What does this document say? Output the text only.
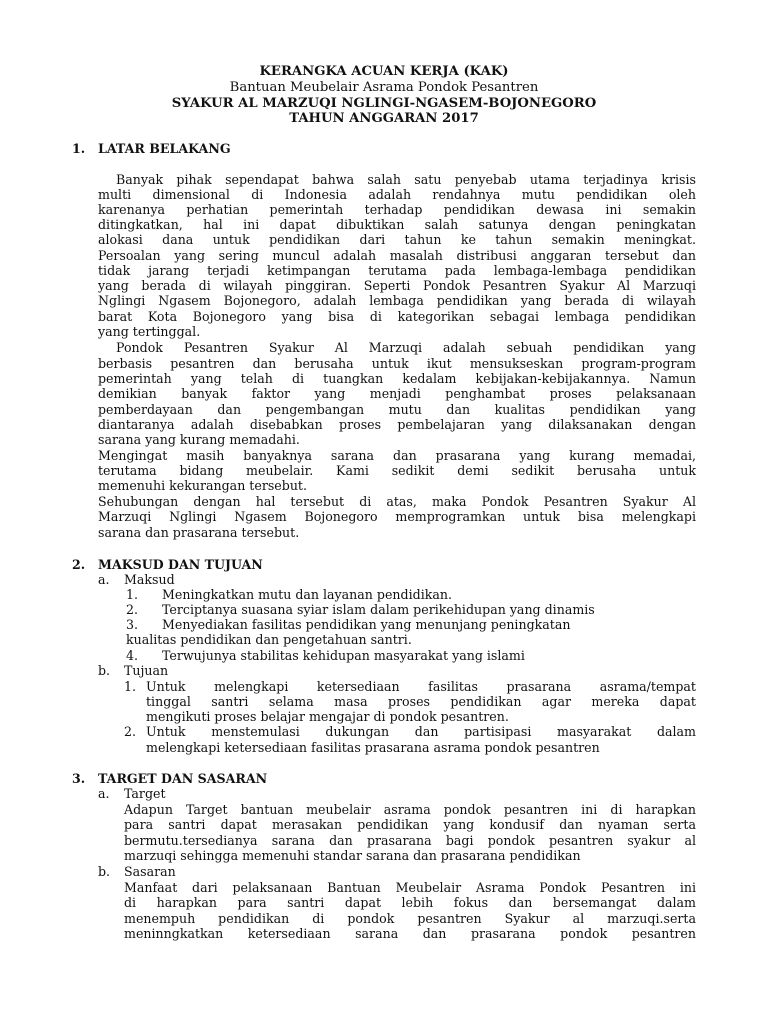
KERANGKA ACUAN KERJA (KAK)
Bantuan Meubelair Asrama Pondok Pesantren
SYAKUR AL MARZUQI NGLINGI-NGASEM-BOJONEGORO
TAHUN ANGGARAN 2017
1. LATAR BELAKANG
Banyak pihak sependapat bahwa salah satu penyebab utama terjadinya krisis
multi dimensional di Indonesia adalah rendahnya mutu pendidikan oleh
karenanya perhatian pemerintah terhadap pendidikan dewasa ini semakin
ditingkatkan, hal ini dapat dibuktikan salah satunya dengan peningkatan
alokasi dana untuk pendidikan dari tahun ke tahun semakin meningkat.
Persoalan yang sering muncul adalah masalah distribusi anggaran tersebut dan
tidak jarang terjadi ketimpangan terutama pada lembaga-lembaga pendidikan
yang berada di wilayah pinggiran. Seperti Pondok Pesantren Syakur Al Marzuqi
Nglingi Ngasem Bojonegoro, adalah lembaga pendidikan yang berada di wilayah
barat Kota Bojonegoro yang bisa di kategorikan sebagai lembaga pendidikan
yang tertinggal.
Pondok Pesantren Syakur Al Marzuqi adalah sebuah pendidikan yang
berbasis pesantren dan berusaha untuk ikut mensukseskan program-program
pemerintah yang telah di tuangkan kedalam kebijakan-kebijakannya. Namun
demikian banyak faktor yang menjadi penghambat proses pelaksanaan
pemberdayaan dan pengembangan mutu dan kualitas pendidikan yang
diantaranya adalah disebabkan proses pembelajaran yang dilaksanakan dengan
sarana yang kurang memadahi.
Mengingat masih banyaknya sarana dan prasarana yang kurang memadai,
terutama bidang meubelair. Kami sedikit demi sedikit berusaha untuk
memenuhi kekurangan tersebut.
Sehubungan dengan hal tersebut di atas, maka Pondok Pesantren Syakur Al
Marzuqi Nglingi Ngasem Bojonegoro memprogramkan untuk bisa melengkapi
sarana dan prasarana tersebut.
2. MAKSUD DAN TUJUAN
a. Maksud
1. Meningkatkan mutu dan layanan pendidikan.
2. Terciptanya suasana syiar islam dalam perikehidupan yang dinamis
3. Menyediakan fasilitas pendidikan yang menunjang peningkatan
kualitas pendidikan dan pengetahuan santri.
4. Terwujunya stabilitas kehidupan masyarakat yang islami
b. Tujuan
1. Untuk melengkapi ketersediaan fasilitas prasarana asrama/tempat
tinggal santri selama masa proses pendidikan agar mereka dapat
mengikuti proses belajar mengajar di pondok pesantren.
2. Untuk menstemulasi dukungan dan partisipasi masyarakat dalam
melengkapi ketersediaan fasilitas prasarana asrama pondok pesantren
3. TARGET DAN SASARAN
a. Target
Adapun Target bantuan meubelair asrama pondok pesantren ini di harapkan
para santri dapat merasakan pendidikan yang kondusif dan nyaman serta
bermutu.tersedianya sarana dan prasarana bagi pondok pesantren syakur al
marzuqi sehingga memenuhi standar sarana dan prasarana pendidikan
b. Sasaran
Manfaat dari pelaksanaan Bantuan Meubelair Asrama Pondok Pesantren ini
di harapkan para santri dapat lebih fokus dan bersemangat dalam
menempuh pendidikan di pondok pesantren Syakur al marzuqi.serta
meninngkatkan ketersediaan sarana dan prasarana pondok pesantren
